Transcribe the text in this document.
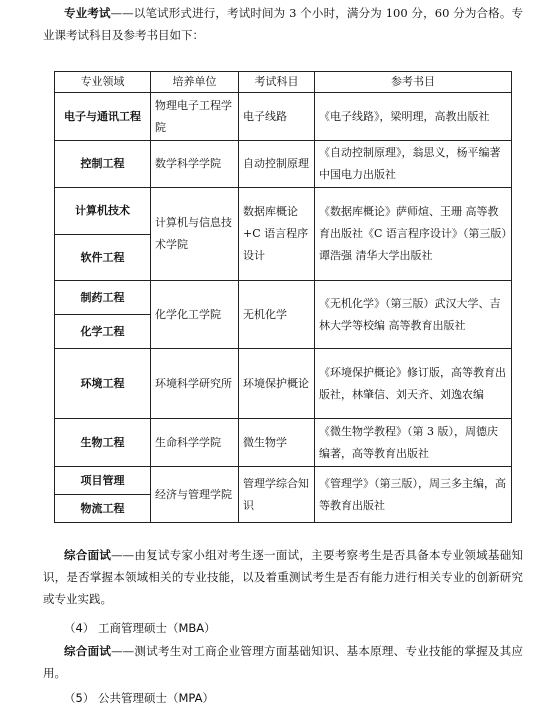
专业考试——以笔试形式进行，考试时间为 3 个小时，满分为 100 分，60 分为合格。专业课考试科目及参考书目如下：
专业领域	培养单位	考试科目	参考书目
电子与通讯工程	物理电子工程学院	电子线路	《电子线路》，梁明理，高教出版社
控制工程	数学科学学院	自动控制原理	《自动控制原理》，翁思义，杨平编著 中国电力出版社
计算机技术	计算机与信息技术学院	数据库概论+C 语言程序设计	《数据库概论》萨师煊、王珊 高等教育出版社《C 语言程序设计》（第三版）谭浩强 清华大学出版社
软件工程			
制药工程	化学化工学院	无机化学	《无机化学》（第三版）武汉大学、吉林大学等校编 高等教育出版社
化学工程			
环境工程	环境科学研究所	环境保护概论	《环境保护概论》修订版，高等教育出版社，林肇信、刘天齐、刘逸农编
生物工程	生命科学学院	微生物学	《微生物学教程》（第 3 版），周德庆编著，高等教育出版社
项目管理	经济与管理学院	管理学综合知识	《管理学》（第三版），周三多主编，高等教育出版社
物流工程			
综合面试——由复试专家小组对考生逐一面试，主要考察考生是否具备本专业领域基础知识，是否掌握本领域相关的专业技能，以及着重测试考生是否有能力进行相关专业的创新研究或专业实践。
（4） 工商管理硕士（MBA）
综合面试——测试考生对工商企业管理方面基础知识、基本原理、专业技能的掌握及其应用。
（5） 公共管理硕士（MPA）
